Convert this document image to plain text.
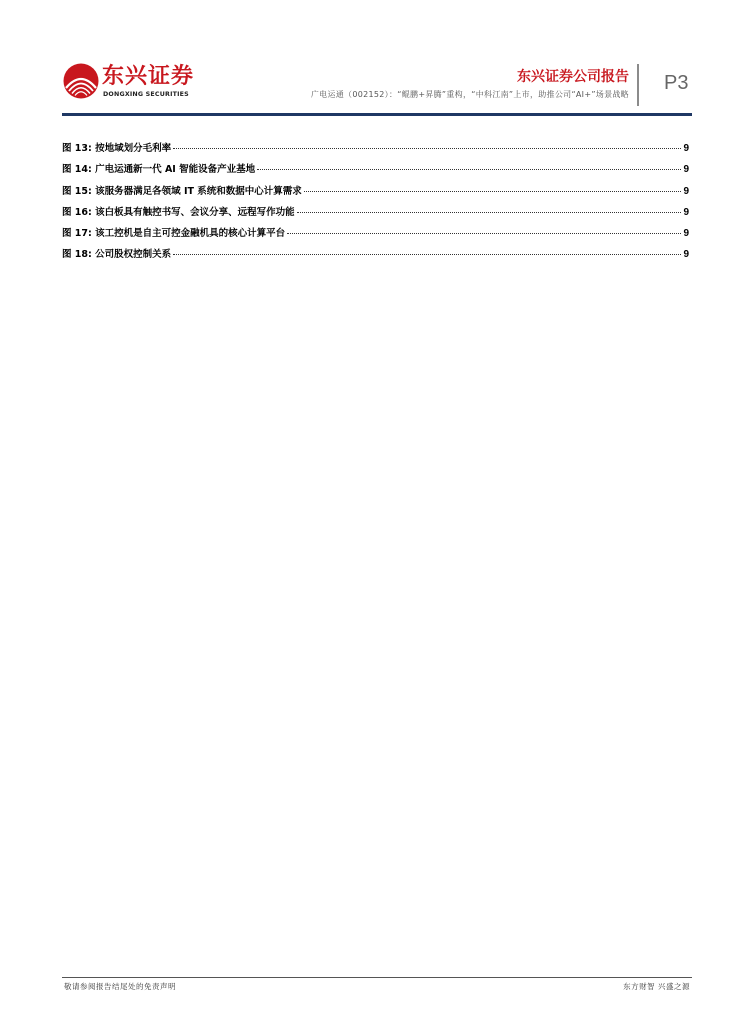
东兴证券
DONGXING SECURITIES
东兴证券公司报告
广电运通（002152）：“鲲鹏+昇腾”重构，“中科江南”上市，助推公司“AI+”场景战略
P3
图 13: 按地域划分毛利率	9
图 14: 广电运通新一代 AI 智能设备产业基地	9
图 15: 该服务器满足各领域 IT 系统和数据中心计算需求	9
图 16: 该白板具有触控书写、会议分享、远程写作功能	9
图 17: 该工控机是自主可控金融机具的核心计算平台	9
图 18: 公司股权控制关系	9
敬请参阅报告结尾处的免责声明	东方财智 兴盛之源
